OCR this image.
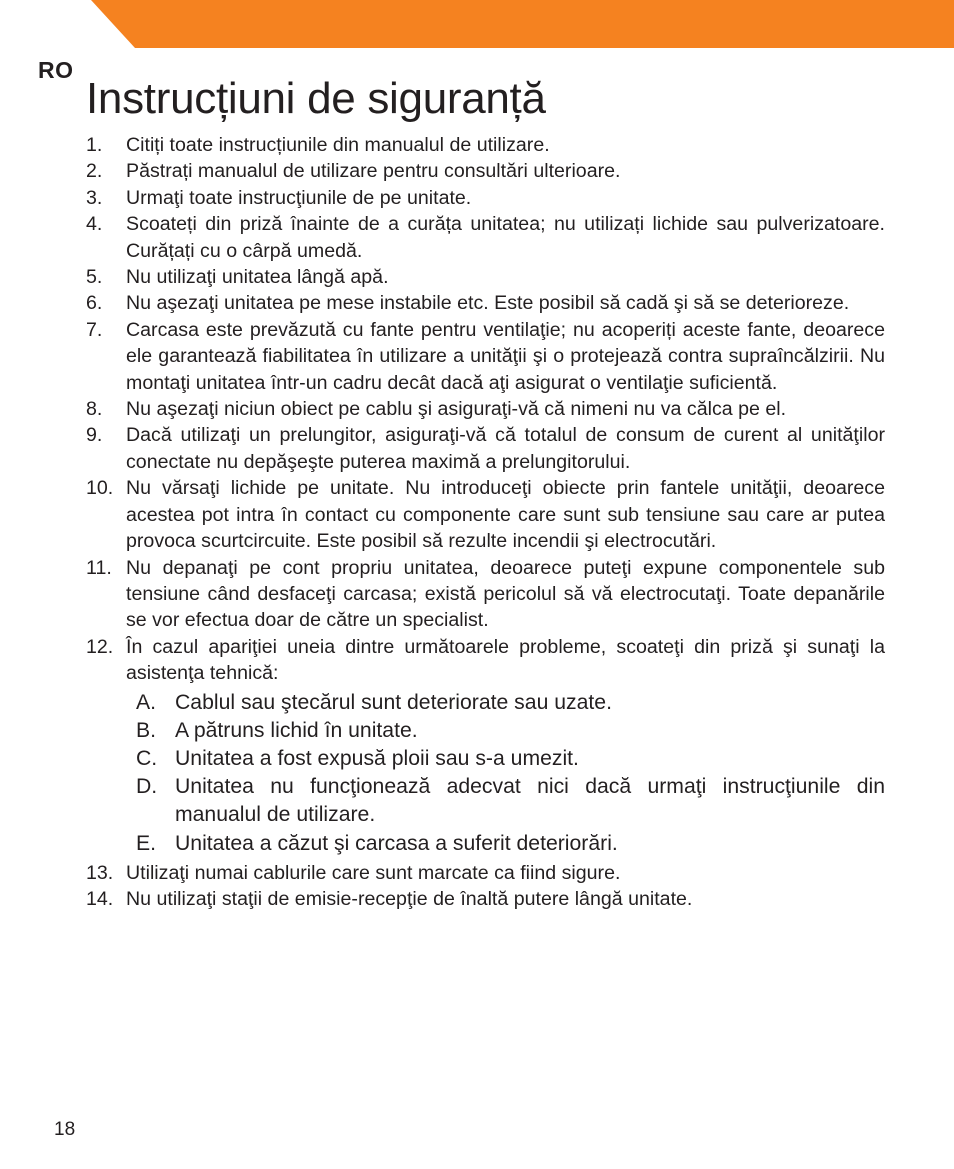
RO
Instrucțiuni de siguranță
1.	Citiți toate instrucțiunile din manualul de utilizare.
2.	Păstrați manualul de utilizare pentru consultări ulterioare.
3.	Urmaţi toate instrucţiunile de pe unitate.
4.	Scoateți din priză înainte de a curăța unitatea; nu utilizați lichide sau pulverizatoare. Curățați cu o cârpă umedă.
5.	Nu utilizaţi unitatea lângă apă.
6.	Nu aşezaţi unitatea pe mese instabile etc. Este posibil să cadă şi să se deterioreze.
7.	Carcasa este prevăzută cu fante pentru ventilaţie; nu acoperiți aceste fante, deoarece ele garantează fiabilitatea în utilizare a unităţii şi o protejează contra supraîncălzirii. Nu montaţi unitatea într-un cadru decât dacă aţi asigurat o ventilaţie suficientă.
8.	Nu aşezaţi niciun obiect pe cablu şi asiguraţi-vă că nimeni nu va călca pe el.
9.	Dacă utilizaţi un prelungitor, asiguraţi-vă că totalul de consum de curent al unităţilor conectate nu depăşeşte puterea maximă a prelungitorului.
10. Nu vărsaţi lichide pe unitate. Nu introduceţi obiecte prin fantele unităţii, deoarece acestea pot intra în contact cu componente care sunt sub tensiune sau care ar putea provoca scurtcircuite. Este posibil să rezulte incendii şi electrocutări.
11. Nu depanaţi pe cont propriu unitatea, deoarece puteţi expune componentele sub tensiune când desfaceţi carcasa; există pericolul să vă electrocutaţi. Toate depanările se vor efectua doar de către un specialist.
12. În cazul apariţiei uneia dintre următoarele probleme, scoateţi din priză şi sunaţi la asistenţa tehnică:
A. Cablul sau ştecărul sunt deteriorate sau uzate.
B. A pătruns lichid în unitate.
C. Unitatea a fost expusă ploii sau s-a umezit.
D. Unitatea nu funcţionează adecvat nici dacă urmaţi instrucţiunile din manualul de utilizare.
E. Unitatea a căzut şi carcasa a suferit deteriorări.
13. Utilizaţi numai cablurile care sunt marcate ca fiind sigure.
14. Nu utilizaţi staţii de emisie-recepţie de înaltă putere lângă unitate.
18
